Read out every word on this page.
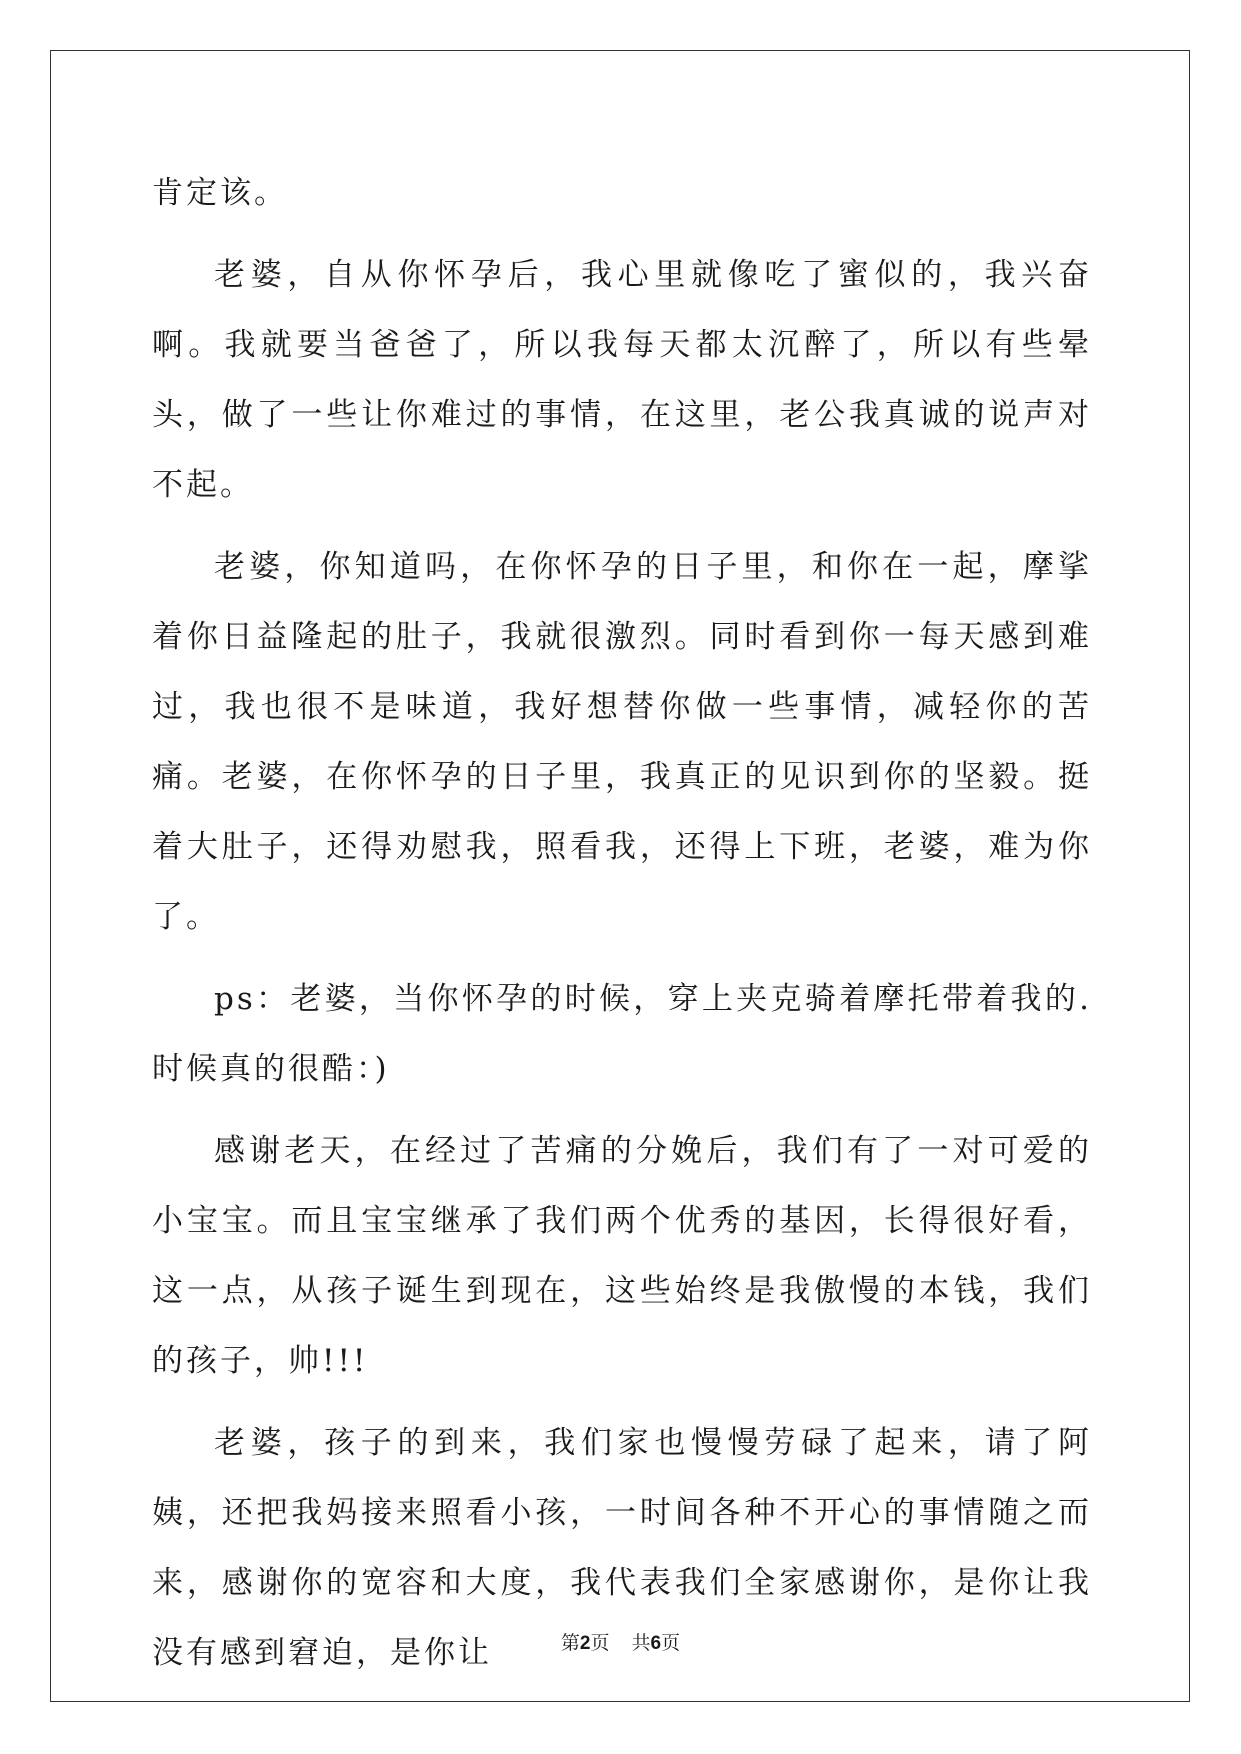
肯定该。

老婆，自从你怀孕后，我心里就像吃了蜜似的，我兴奋啊。我就要当爸爸了，所以我每天都太沉醉了，所以有些晕头，做了一些让你难过的事情，在这里，老公我真诚的说声对不起。

老婆，你知道吗，在你怀孕的日子里，和你在一起，摩挲着你日益隆起的肚子，我就很激烈。同时看到你一每天感到难过，我也很不是味道，我好想替你做一些事情，减轻你的苦痛。老婆，在你怀孕的日子里，我真正的见识到你的坚毅。挺着大肚子，还得劝慰我，照看我，还得上下班，老婆，难为你了。

ps：老婆，当你怀孕的时候，穿上夹克骑着摩托带着我的.时候真的很酷：)

感谢老天，在经过了苦痛的分娩后，我们有了一对可爱的小宝宝。而且宝宝继承了我们两个优秀的基因，长得很好看，这一点，从孩子诞生到现在，这些始终是我傲慢的本钱，我们的孩子，帅!!!

老婆，孩子的到来，我们家也慢慢劳碌了起来，请了阿姨，还把我妈接来照看小孩，一时间各种不开心的事情随之而来，感谢你的宽容和大度，我代表我们全家感谢你，是你让我没有感到窘迫，是你让	第2页 共6页
